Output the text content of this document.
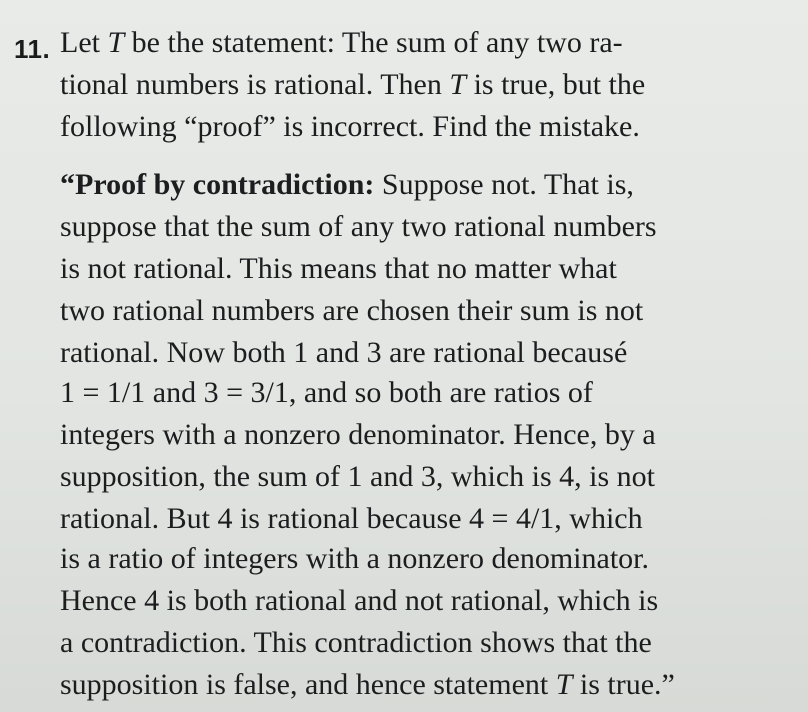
11. Let T be the statement: The sum of any two ra-
tional numbers is rational. Then T is true, but the
following “proof” is incorrect. Find the mistake.
“Proof by contradiction: Suppose not. That is,
suppose that the sum of any two rational numbers
is not rational. This means that no matter what
two rational numbers are chosen their sum is not
rational. Now both 1 and 3 are rational becausé
1 = 1/1 and 3 = 3/1, and so both are ratios of
integers with a nonzero denominator. Hence, by a
supposition, the sum of 1 and 3, which is 4, is not
rational. But 4 is rational because 4 = 4/1, which
is a ratio of integers with a nonzero denominator.
Hence 4 is both rational and not rational, which is
a contradiction. This contradiction shows that the
supposition is false, and hence statement T is true.”
